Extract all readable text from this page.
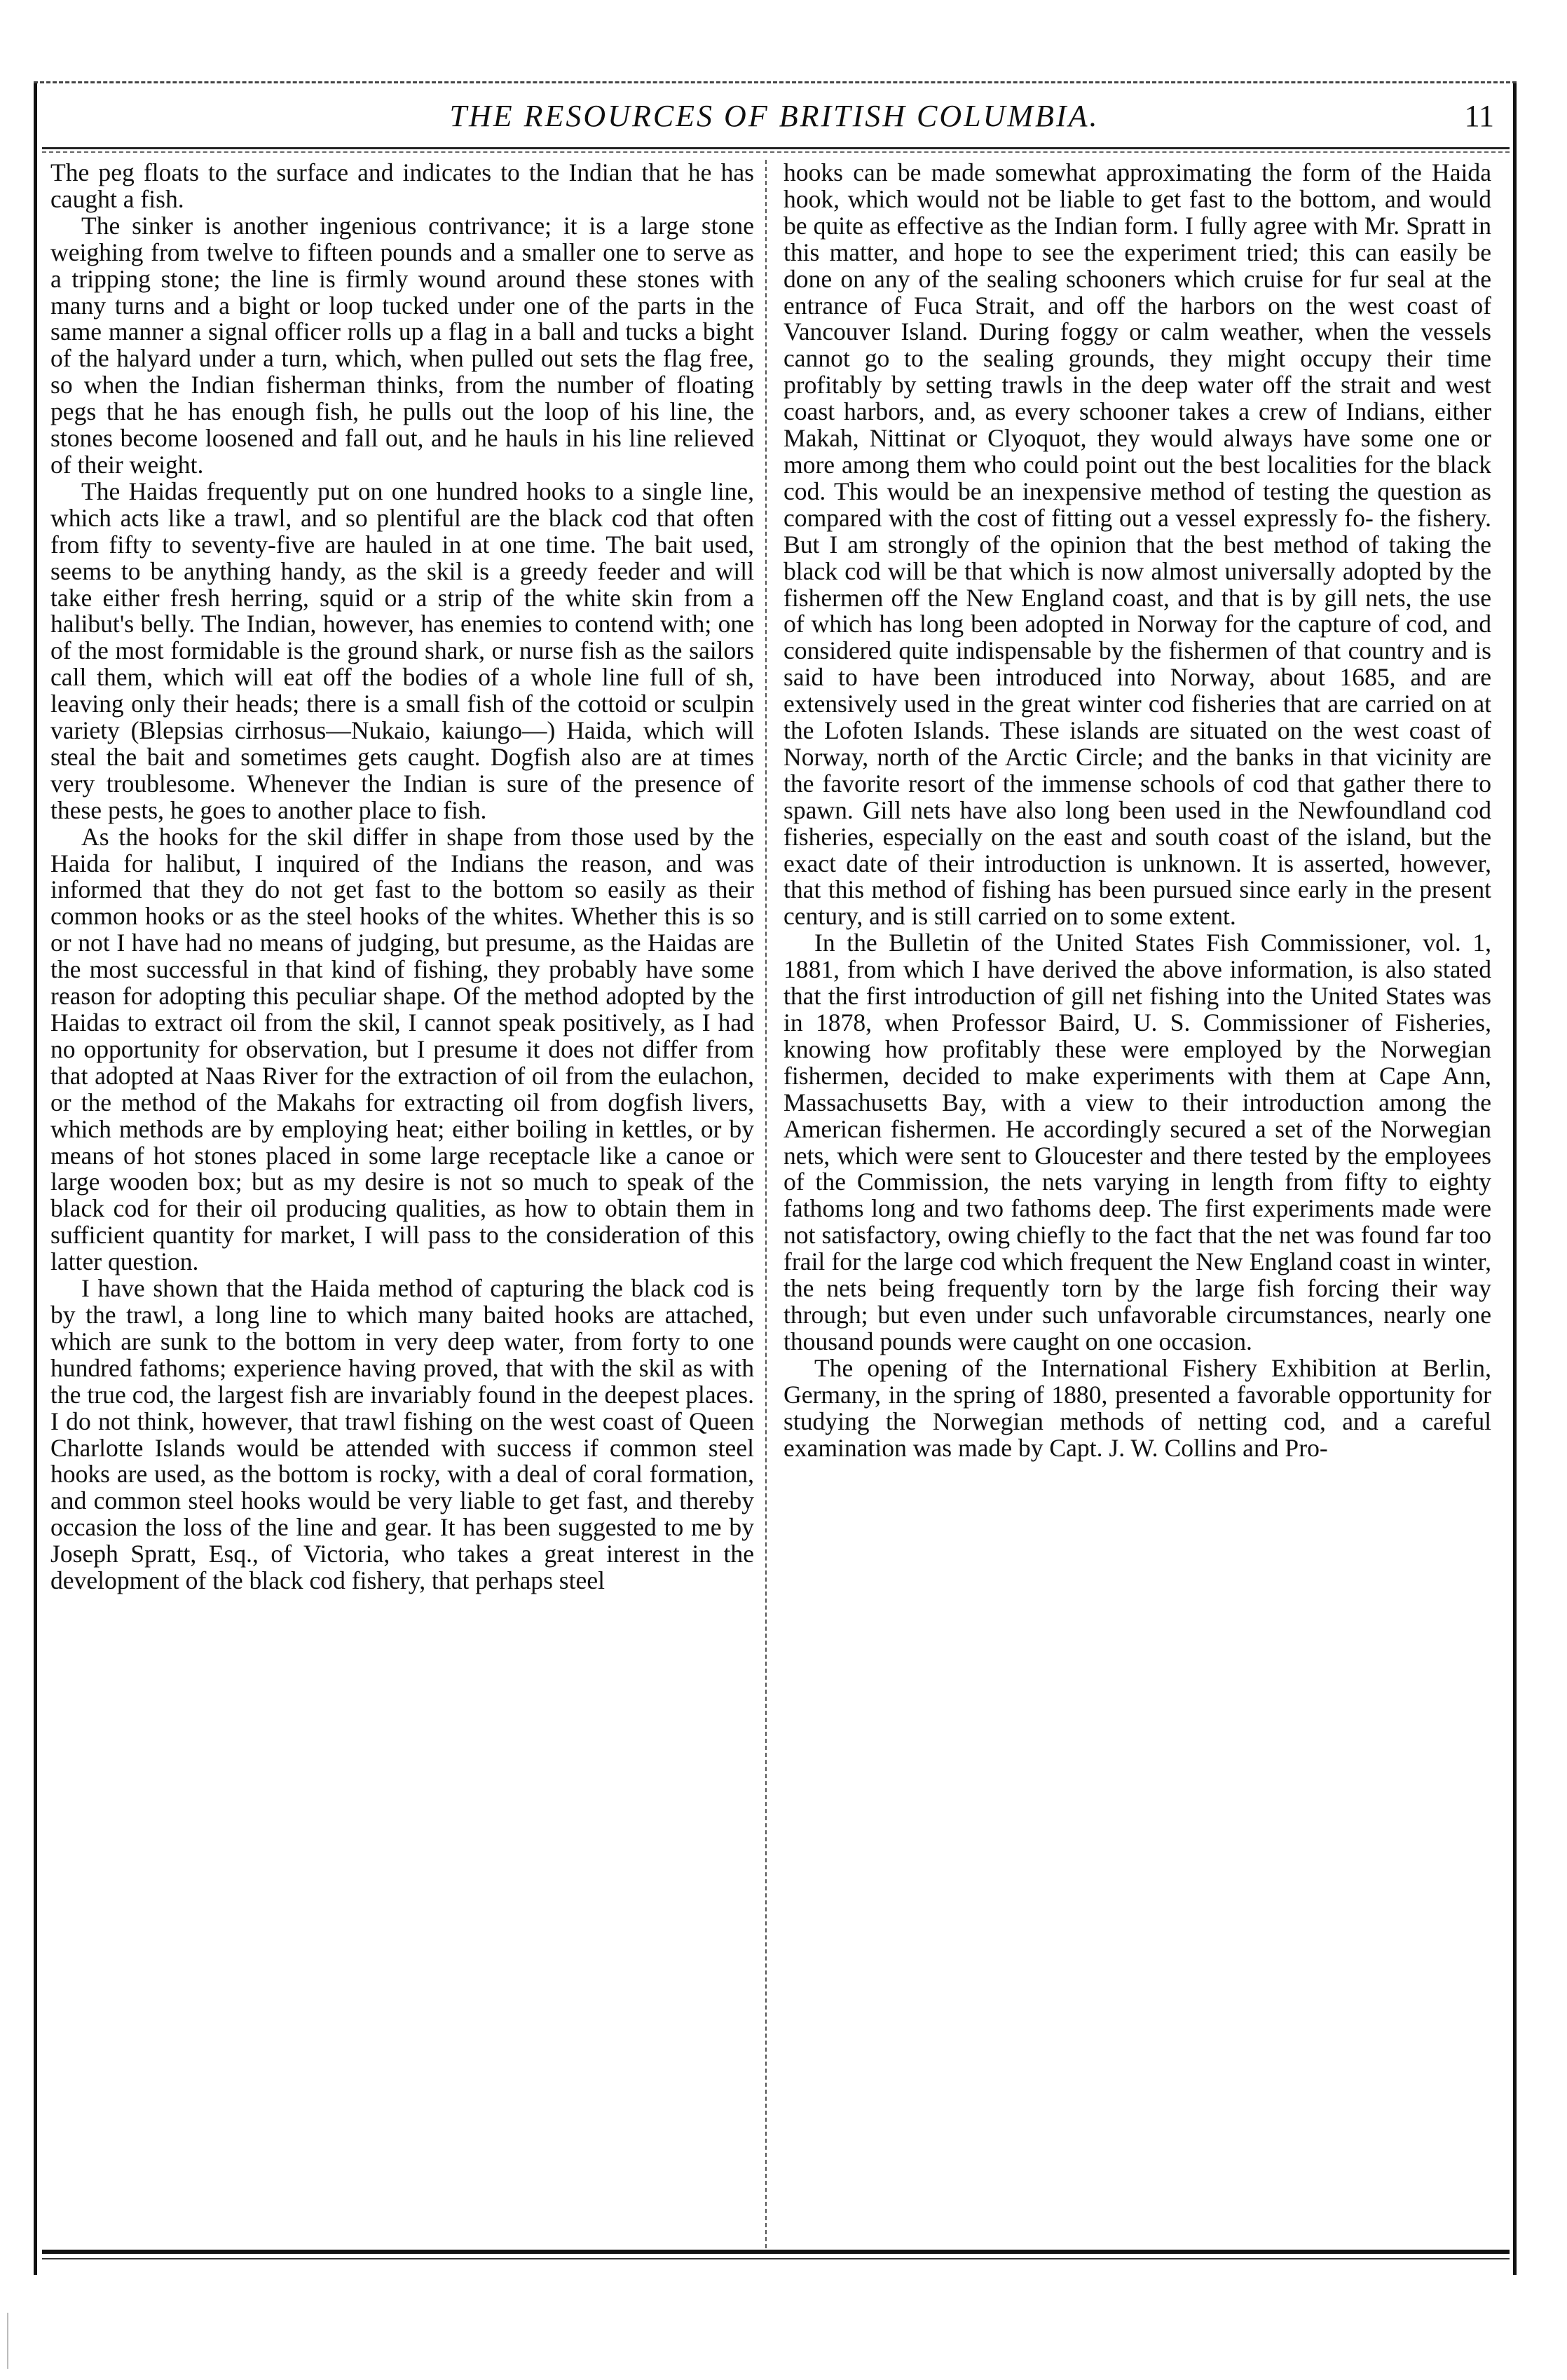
THE RESOURCES OF BRITISH COLUMBIA.	11

The peg floats to the surface and indicates to the Indian that he has caught a fish.

The sinker is another ingenious contrivance; it is a large stone weighing from twelve to fifteen pounds and a smaller one to serve as a tripping stone; the line is firmly wound around these stones with many turns and a bight or loop tucked under one of the parts in the same manner a signal officer rolls up a flag in a ball and tucks a bight of the halyard under a turn, which, when pulled out sets the flag free, so when the Indian fisherman thinks, from the number of floating pegs that he has enough fish, he pulls out the loop of his line, the stones become loosened and fall out, and he hauls in his line relieved of their weight.

The Haidas frequently put on one hundred hooks to a single line, which acts like a trawl, and so plentiful are the black cod that often from fifty to seventy-five are hauled in at one time. The bait used, seems to be anything handy, as the skil is a greedy feeder and will take either fresh herring, squid or a strip of the white skin from a halibut's belly. The Indian, however, has enemies to contend with; one of the most formidable is the ground shark, or nurse fish as the sailors call them, which will eat off the bodies of a whole line full of sh, leaving only their heads; there is a small fish of the cottoid or sculpin variety (Blepsias cirrhosus—Nukaio, kaiungo—) Haida, which will steal the bait and sometimes gets caught. Dogfish also are at times very troublesome. Whenever the Indian is sure of the presence of these pests, he goes to another place to fish.

As the hooks for the skil differ in shape from those used by the Haida for halibut, I inquired of the Indians the reason, and was informed that they do not get fast to the bottom so easily as their common hooks or as the steel hooks of the whites. Whether this is so or not I have had no means of judging, but presume, as the Haidas are the most successful in that kind of fishing, they probably have some reason for adopting this peculiar shape. Of the method adopted by the Haidas to extract oil from the skil, I cannot speak positively, as I had no opportunity for observation, but I presume it does not differ from that adopted at Naas River for the extraction of oil from the eulachon, or the method of the Makahs for extracting oil from dogfish livers, which methods are by employing heat; either boiling in kettles, or by means of hot stones placed in some large receptacle like a canoe or large wooden box; but as my desire is not so much to speak of the black cod for their oil producing qualities, as how to obtain them in sufficient quantity for market, I will pass to the consideration of this latter question.

I have shown that the Haida method of capturing the black cod is by the trawl, a long line to which many baited hooks are attached, which are sunk to the bottom in very deep water, from forty to one hundred fathoms; experience having proved, that with the skil as with the true cod, the largest fish are invariably found in the deepest places. I do not think, however, that trawl fishing on the west coast of Queen Charlotte Islands would be attended with success if common steel hooks are used, as the bottom is rocky, with a deal of coral formation, and common steel hooks would be very liable to get fast, and thereby occasion the loss of the line and gear. It has been suggested to me by Joseph Spratt, Esq., of Victoria, who takes a great interest in the development of the black cod fishery, that perhaps steel

hooks can be made somewhat approximating the form of the Haida hook, which would not be liable to get fast to the bottom, and would be quite as effective as the Indian form. I fully agree with Mr. Spratt in this matter, and hope to see the experiment tried; this can easily be done on any of the sealing schooners which cruise for fur seal at the entrance of Fuca Strait, and off the harbors on the west coast of Vancouver Island. During foggy or calm weather, when the vessels cannot go to the sealing grounds, they might occupy their time profitably by setting trawls in the deep water off the strait and west coast harbors, and, as every schooner takes a crew of Indians, either Makah, Nittinat or Clyoquot, they would always have some one or more among them who could point out the best localities for the black cod. This would be an inexpensive method of testing the question as compared with the cost of fitting out a vessel expressly fo- the fishery. But I am strongly of the opinion that the best method of taking the black cod will be that which is now almost universally adopted by the fishermen off the New England coast, and that is by gill nets, the use of which has long been adopted in Norway for the capture of cod, and considered quite indispensable by the fishermen of that country and is said to have been introduced into Norway, about 1685, and are extensively used in the great winter cod fisheries that are carried on at the Lofoten Islands. These islands are situated on the west coast of Norway, north of the Arctic Circle; and the banks in that vicinity are the favorite resort of the immense schools of cod that gather there to spawn. Gill nets have also long been used in the Newfoundland cod fisheries, especially on the east and south coast of the island, but the exact date of their introduction is unknown. It is asserted, however, that this method of fishing has been pursued since early in the present century, and is still carried on to some extent.

In the Bulletin of the United States Fish Commissioner, vol. 1, 1881, from which I have derived the above information, is also stated that the first introduction of gill net fishing into the United States was in 1878, when Professor Baird, U. S. Commissioner of Fisheries, knowing how profitably these were employed by the Norwegian fishermen, decided to make experiments with them at Cape Ann, Massachusetts Bay, with a view to their introduction among the American fishermen. He accordingly secured a set of the Norwegian nets, which were sent to Gloucester and there tested by the employees of the Commission, the nets varying in length from fifty to eighty fathoms long and two fathoms deep. The first experiments made were not satisfactory, owing chiefly to the fact that the net was found far too frail for the large cod which frequent the New England coast in winter, the nets being frequently torn by the large fish forcing their way through; but even under such unfavorable circumstances, nearly one thousand pounds were caught on one occasion.

The opening of the International Fishery Exhibition at Berlin, Germany, in the spring of 1880, presented a favorable opportunity for studying the Norwegian methods of netting cod, and a careful examination was made by Capt. J. W. Collins and Pro-
